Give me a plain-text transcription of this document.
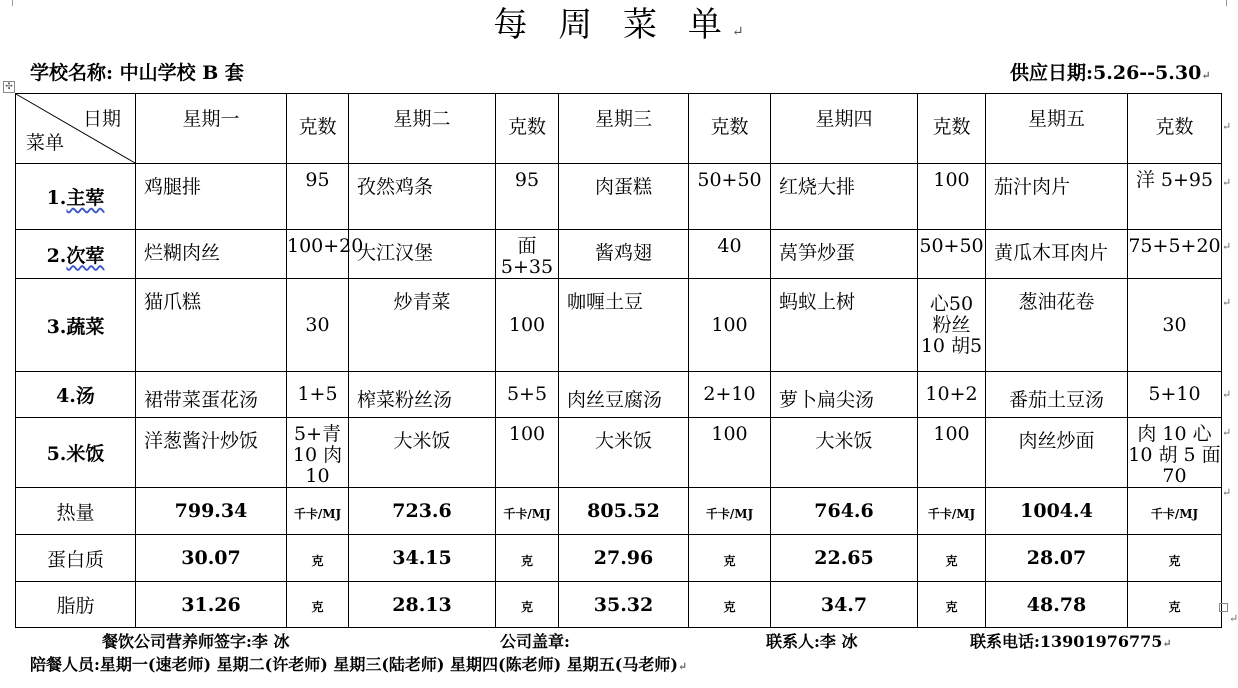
每 周 菜 单↵
学校名称: 中山学校 B 套	供应日期:5.26--5.30↵
✣
日期
菜单	星期一	克数	星期二	克数	星期三	克数	星期四	克数	星期五	克数
1.主荤	鸡腿排	95	孜然鸡条	95	肉蛋糕	50+50	红烧大排	100	茄汁肉片	洋 5+95
2.次荤	烂糊肉丝	100+20	大江汉堡	面5+35	酱鸡翅	40	莴笋炒蛋	50+50	黄瓜木耳肉片	75+5+20
3.蔬菜	猫爪糕	30	炒青菜	100	咖喱土豆	100	蚂蚁上树	心50 粉丝 10 胡5	葱油花卷	30
4.汤	裙带菜蛋花汤	1+5	榨菜粉丝汤	5+5	肉丝豆腐汤	2+10	萝卜扁尖汤	10+2	番茄土豆汤	5+10
5.米饭	洋葱酱汁炒饭	5+青 10 肉 10	大米饭	100	大米饭	100	大米饭	100	肉丝炒面	肉 10 心 10 胡 5 面 70
热量	799.34	千卡/MJ	723.6	千卡/MJ	805.52	千卡/MJ	764.6	千卡/MJ	1004.4	千卡/MJ
蛋白质	30.07	克	34.15	克	27.96	克	22.65	克	28.07	克
脂肪	31.26	克	28.13	克	35.32	克	34.7	克	48.78	克
↵
↵
↵
↵
↵
↵
↵
↵
餐饮公司营养师签字:李 冰	公司盖章:	联系人:李 冰	联系电话:13901976775↵
陪餐人员:星期一(速老师) 星期二(许老师) 星期三(陆老师) 星期四(陈老师) 星期五(马老师)↵
